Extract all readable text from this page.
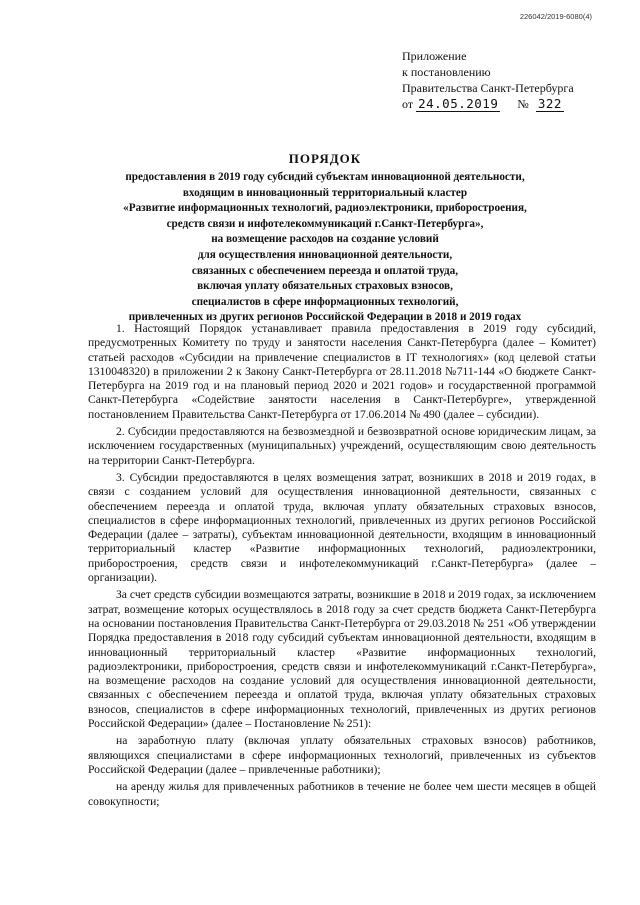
226042/2019-6080(4)
Приложение
к постановлению
Правительства Санкт-Петербурга
от 24.05.2019 № 322
ПОРЯДОК
предоставления в 2019 году субсидий субъектам инновационной деятельности,
входящим в инновационный территориальный кластер
«Развитие информационных технологий, радиоэлектроники, приборостроения,
средств связи и инфотелекоммуникаций г.Санкт-Петербурга»,
на возмещение расходов на создание условий
для осуществления инновационной деятельности,
связанных с обеспечением переезда и оплатой труда,
включая уплату обязательных страховых взносов,
специалистов в сфере информационных технологий,
привлеченных из других регионов Российской Федерации в 2018 и 2019 годах

1. Настоящий Порядок устанавливает правила предоставления в 2019 году субсидий, предусмотренных Комитету по труду и занятости населения Санкт-Петербурга (далее – Комитет) статьей расходов «Субсидии на привлечение специалистов в IT технологиях» (код целевой статьи 1310048320) в приложении 2 к Закону Санкт-Петербурга от 28.11.2018 №711-144 «О бюджете Санкт-Петербурга на 2019 год и на плановый период 2020 и 2021 годов» и государственной программой Санкт-Петербурга «Содействие занятости населения в Санкт-Петербурге», утвержденной постановлением Правительства Санкт-Петербурга от 17.06.2014 № 490 (далее – субсидии).

2. Субсидии предоставляются на безвозмездной и безвозвратной основе юридическим лицам, за исключением государственных (муниципальных) учреждений, осуществляющим свою деятельность на территории Санкт-Петербурга.

3. Субсидии предоставляются в целях возмещения затрат, возникших в 2018 и 2019 годах, в связи с созданием условий для осуществления инновационной деятельности, связанных с обеспечением переезда и оплатой труда, включая уплату обязательных страховых взносов, специалистов в сфере информационных технологий, привлеченных из других регионов Российской Федерации (далее – затраты), субъектам инновационной деятельности, входящим в инновационный территориальный кластер «Развитие информационных технологий, радиоэлектроники, приборостроения, средств связи и инфотелекоммуникаций г.Санкт-Петербурга» (далее – организации).

За счет средств субсидии возмещаются затраты, возникшие в 2018 и 2019 годах, за исключением затрат, возмещение которых осуществлялось в 2018 году за счет средств бюджета Санкт-Петербурга на основании постановления Правительства Санкт-Петербурга от 29.03.2018 № 251 «Об утверждении Порядка предоставления в 2018 году субсидий субъектам инновационной деятельности, входящим в инновационный территориальный кластер «Развитие информационных технологий, радиоэлектроники, приборостроения, средств связи и инфотелекоммуникаций г.Санкт-Петербурга», на возмещение расходов на создание условий для осуществления инновационной деятельности, связанных с обеспечением переезда и оплатой труда, включая уплату обязательных страховых взносов, специалистов в сфере информационных технологий, привлеченных из других регионов Российской Федерации» (далее – Постановление № 251):

на заработную плату (включая уплату обязательных страховых взносов) работников, являющихся специалистами в сфере информационных технологий, привлеченных из субъектов Российской Федерации (далее – привлеченные работники);

на аренду жилья для привлеченных работников в течение не более чем шести месяцев в общей совокупности;
